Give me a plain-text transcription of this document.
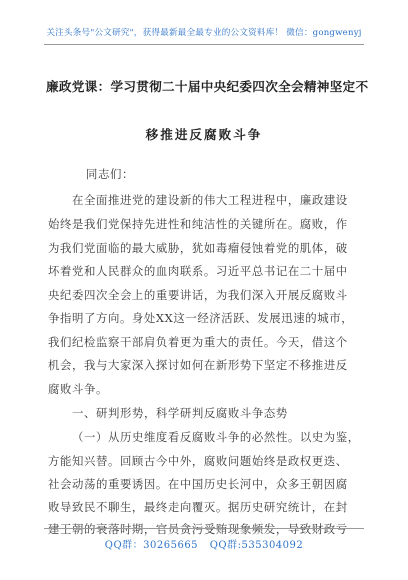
关注头条号"公文研究"，获得最新最全最专业的公文资料库！ 微信：gongwenyj
廉政党课：学习贯彻二十届中央纪委四次全会精神坚定不
移推进反腐败斗争
同志们：
在全面推进党的建设新的伟大工程进程中，廉政建设
始终是我们党保持先进性和纯洁性的关键所在。腐败，作
为我们党面临的最大威胁，犹如毒瘤侵蚀着党的肌体，破
坏着党和人民群众的血肉联系。习近平总书记在二十届中
央纪委四次全会上的重要讲话，为我们深入开展反腐败斗
争指明了方向。身处XX这一经济活跃、发展迅速的城市，
我们纪检监察干部肩负着更为重大的责任。今天，借这个
机会，我与大家深入探讨如何在新形势下坚定不移推进反
腐败斗争。
一、研判形势，科学研判反腐败斗争态势
（一）从历史维度看反腐败斗争的必然性。以史为鉴，
方能知兴替。回顾古今中外，腐败问题始终是政权更迭、
社会动荡的重要诱因。在中国历史长河中，众多王朝因腐
败导致民不聊生，最终走向覆灭。据历史研究统计，在封
建王朝的衰落时期，官员贪污受贿现象频发，导致财政亏
QQ群：30265665 QQ群:535304092
